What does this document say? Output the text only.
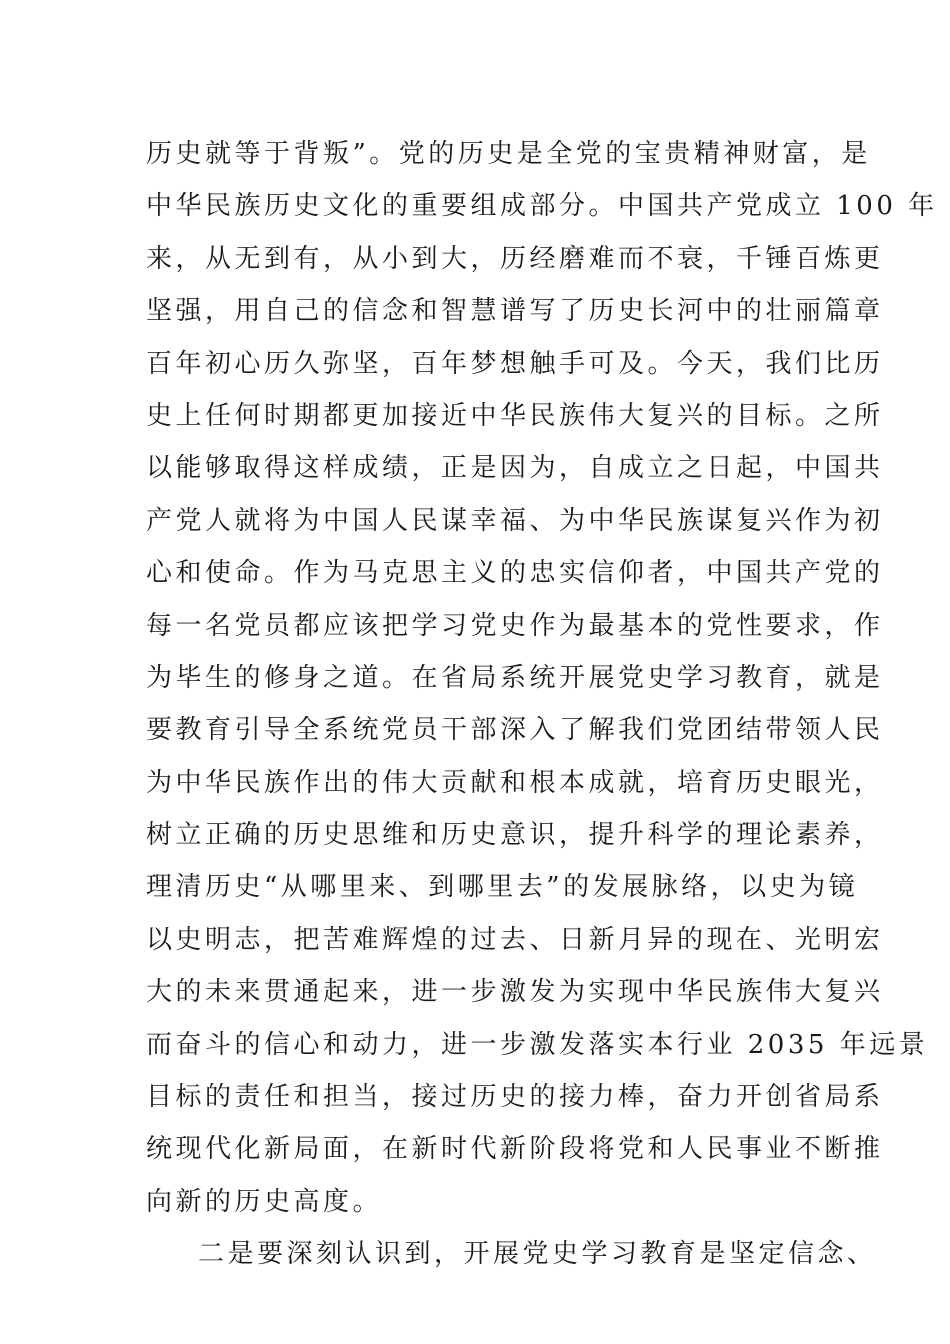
历史就等于背叛”。党的历史是全党的宝贵精神财富，是
中华民族历史文化的重要组成部分。中国共产党成立 100 年
来，从无到有，从小到大，历经磨难而不衰，千锤百炼更
坚强，用自己的信念和智慧谱写了历史长河中的壮丽篇章
百年初心历久弥坚，百年梦想触手可及。今天，我们比历
史上任何时期都更加接近中华民族伟大复兴的目标。之所
以能够取得这样成绩，正是因为，自成立之日起，中国共
产党人就将为中国人民谋幸福、为中华民族谋复兴作为初
心和使命。作为马克思主义的忠实信仰者，中国共产党的
每一名党员都应该把学习党史作为最基本的党性要求，作
为毕生的修身之道。在省局系统开展党史学习教育，就是
要教育引导全系统党员干部深入了解我们党团结带领人民
为中华民族作出的伟大贡献和根本成就，培育历史眼光，
树立正确的历史思维和历史意识，提升科学的理论素养，
理清历史“从哪里来、到哪里去”的发展脉络，以史为镜
以史明志，把苦难辉煌的过去、日新月异的现在、光明宏
大的未来贯通起来，进一步激发为实现中华民族伟大复兴
而奋斗的信心和动力，进一步激发落实本行业 2035 年远景
目标的责任和担当，接过历史的接力棒，奋力开创省局系
统现代化新局面，在新时代新阶段将党和人民事业不断推
向新的历史高度。
二是要深刻认识到，开展党史学习教育是坚定信念、
